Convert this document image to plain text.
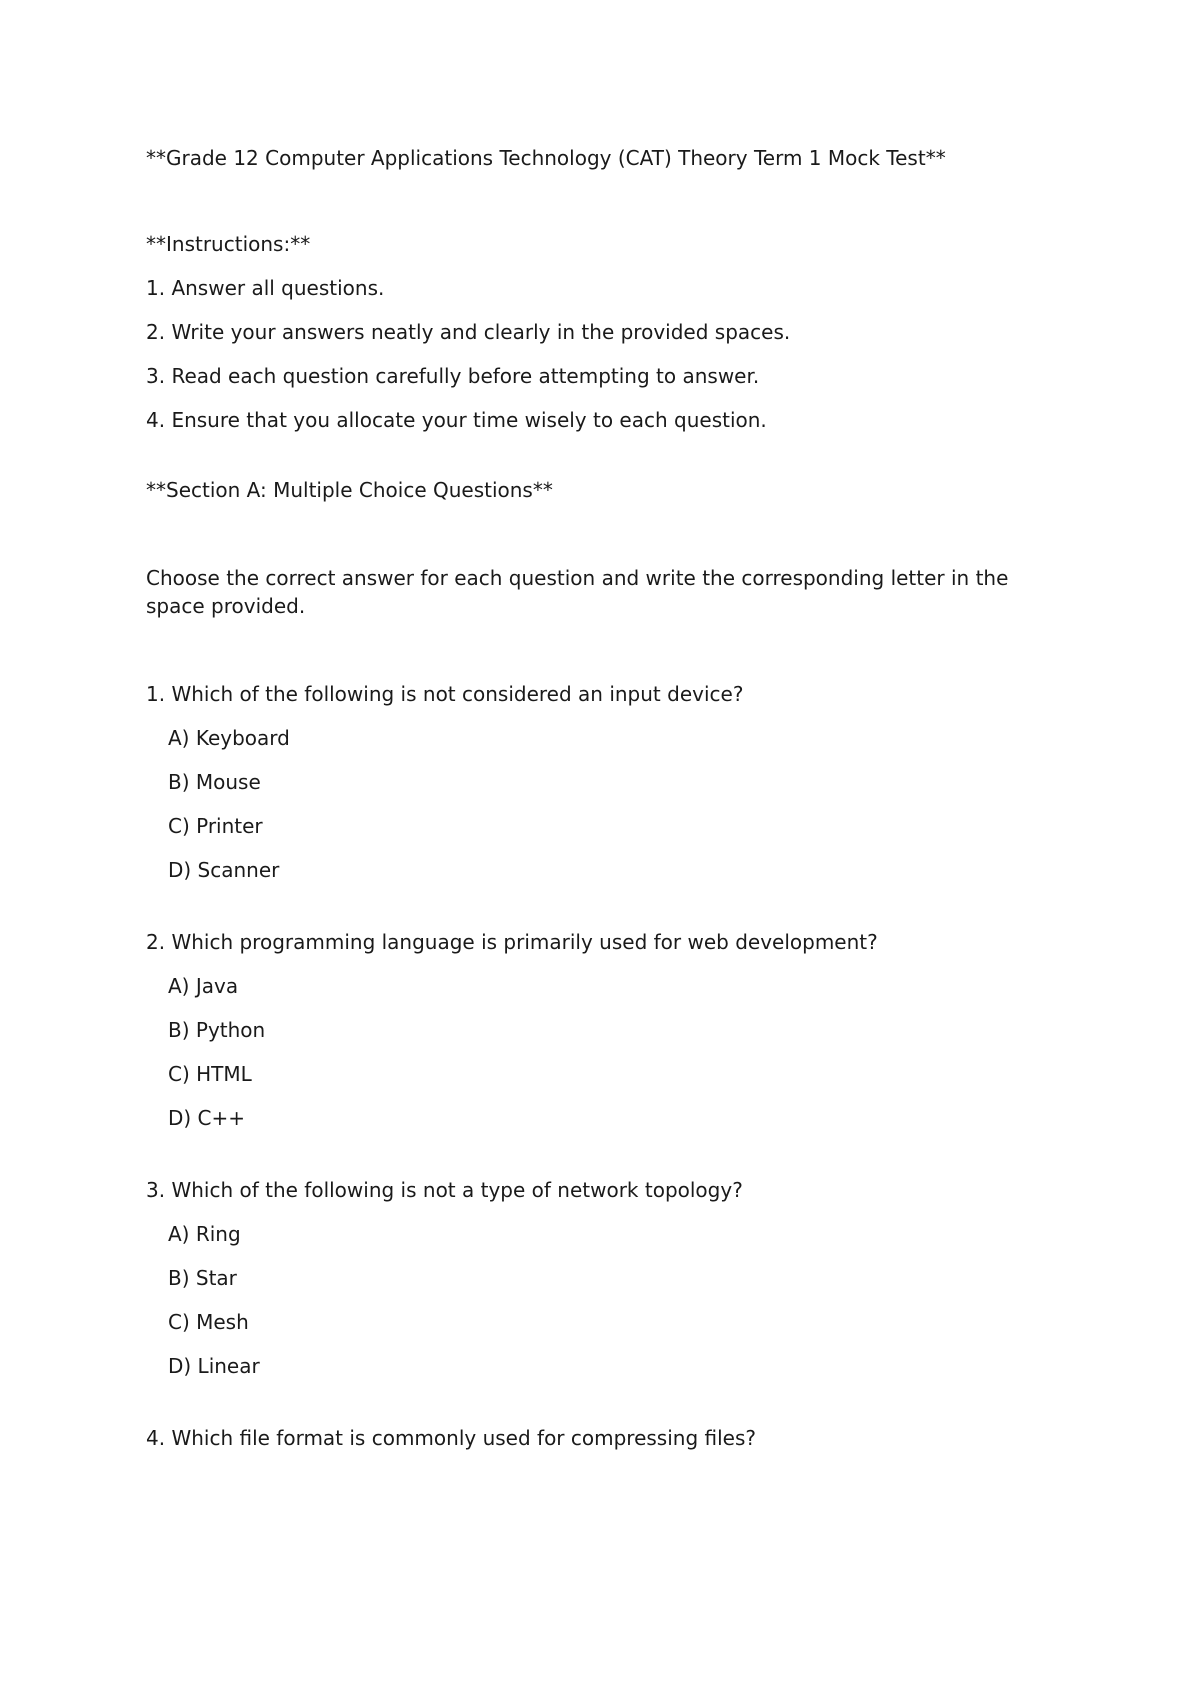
**Grade 12 Computer Applications Technology (CAT) Theory Term 1 Mock Test**

**Instructions:**

1. Answer all questions.

2. Write your answers neatly and clearly in the provided spaces.

3. Read each question carefully before attempting to answer.

4. Ensure that you allocate your time wisely to each question.

**Section A: Multiple Choice Questions**

Choose the correct answer for each question and write the corresponding letter in the space provided.

1. Which of the following is not considered an input device?

A) Keyboard

B) Mouse

C) Printer

D) Scanner

2. Which programming language is primarily used for web development?

A) Java

B) Python

C) HTML

D) C++

3. Which of the following is not a type of network topology?

A) Ring

B) Star

C) Mesh

D) Linear

4. Which file format is commonly used for compressing files?
